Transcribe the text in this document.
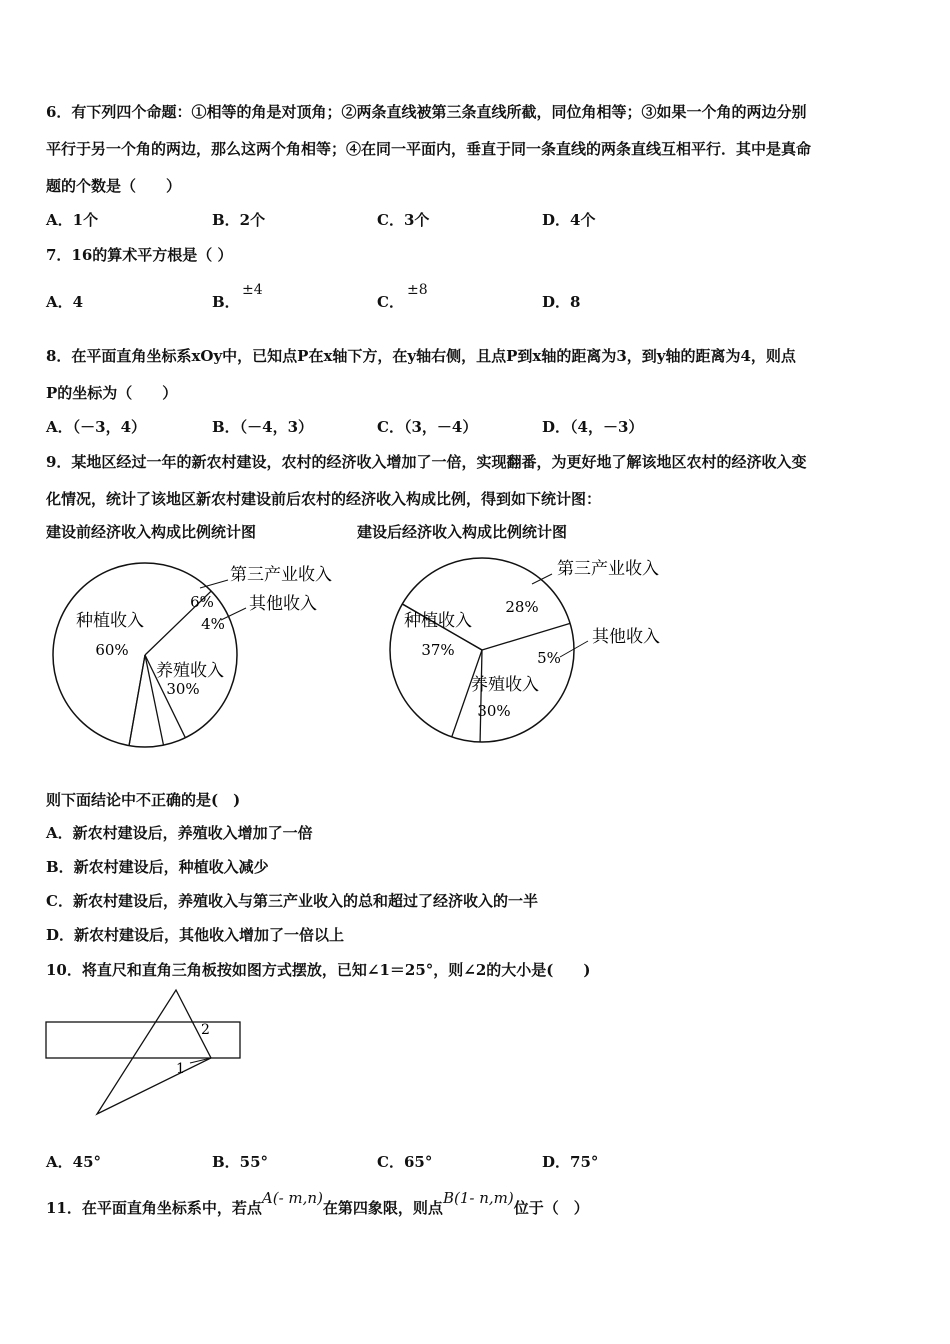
6．有下列四个命题：①相等的角是对顶角；②两条直线被第三条直线所截，同位角相等；③如果一个角的两边分别
平行于另一个角的两边，那么这两个角相等；④在同一平面内，垂直于同一条直线的两条直线互相平行．其中是真命
题的个数是（　　）
A．1个	B．2个	C．3个	D．4个
7．16的算术平方根是（ ）
A．4	B．
±4
C．
±8
D．8
8．在平面直角坐标系xOy中，已知点P在x轴下方，在y轴右侧，且点P到x轴的距离为3，到y轴的距离为4，则点
P的坐标为（　　）
A．（－3，4）	B．（－4，3）	C．（3，－4）	D．（4，－3）
9．某地区经过一年的新农村建设，农村的经济收入增加了一倍，实现翻番，为更好地了解该地区农村的经济收入变
化情况，统计了该地区新农村建设前后农村的经济收入构成比例，得到如下统计图：
建设前经济收入构成比例统计图	建设后经济收入构成比例统计图
种植收入
60%
养殖收入
30%
第三产业收入
6% 其他收入
4%	种植收入
37%
养殖收入
30%
第三产业收入
28%
其他收入
5%
则下面结论中不正确的是(　)
A．新农村建设后，养殖收入增加了一倍
B．新农村建设后，种植收入减少
C．新农村建设后，养殖收入与第三产业收入的总和超过了经济收入的一半
D．新农村建设后，其他收入增加了一倍以上
10．将直尺和直角三角板按如图方式摆放，已知∠1＝25°，则∠2的大小是(　　)
1
2
A．45°	B．55°	C．65°	D．75°
11．在平面直角坐标系中，若点A(- m,n)在第四象限，则点B(1- n,m)位于（　）
